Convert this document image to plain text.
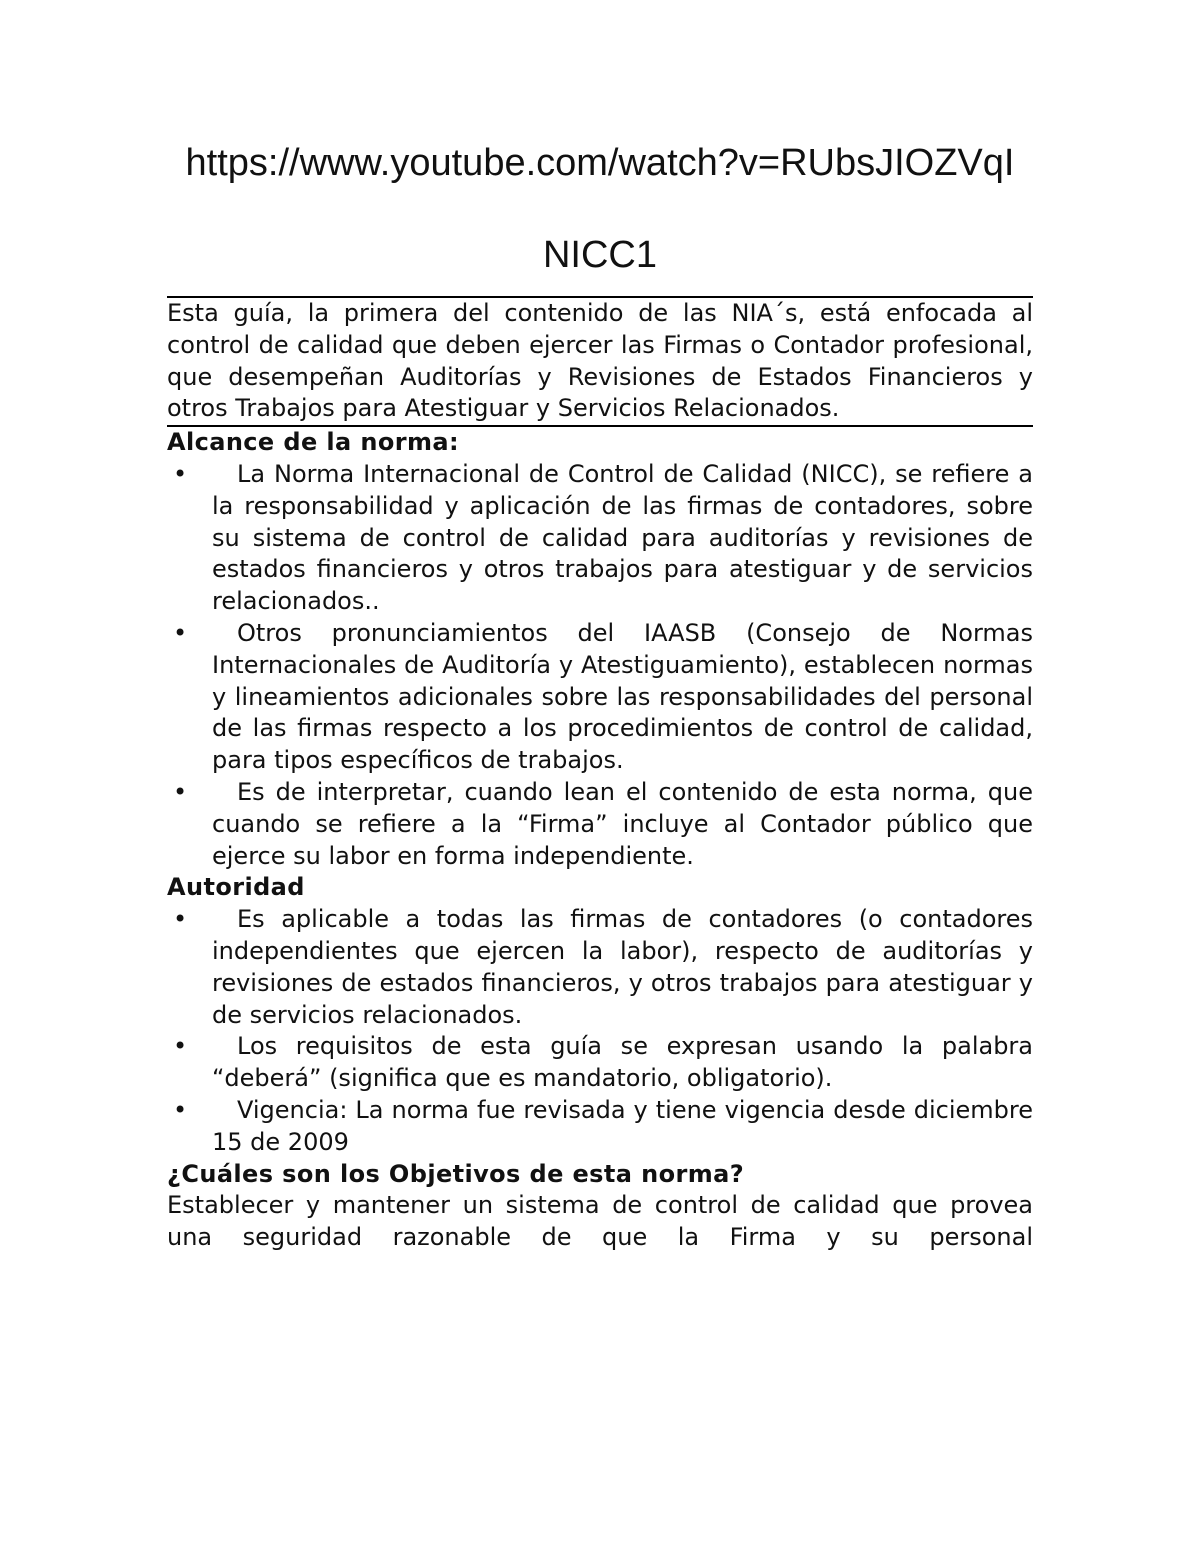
https://www.youtube.com/watch?v=RUbsJIOZVqI
NICC1

Esta guía, la primera del contenido de las NIA´s, está enfocada al control de calidad que deben ejercer las Firmas o Contador profesional, que desempeñan Auditorías y Revisiones de Estados Financieros y otros Trabajos para Atestiguar y Servicios Relacionados.

Alcance de la norma:

• La Norma Internacional de Control de Calidad (NICC), se refiere a la responsabilidad y aplicación de las firmas de contadores, sobre su sistema de control de calidad para auditorías y revisiones de estados financieros y otros trabajos para atestiguar y de servicios relacionados..
• Otros pronunciamientos del IAASB (Consejo de Normas Internacionales de Auditoría y Atestiguamiento), establecen normas y lineamientos adicionales sobre las responsabilidades del personal de las firmas respecto a los procedimientos de control de calidad, para tipos específicos de trabajos.
• Es de interpretar, cuando lean el contenido de esta norma, que cuando se refiere a la “Firma” incluye al Contador público que ejerce su labor en forma independiente.

Autoridad

• Es aplicable a todas las firmas de contadores (o contadores independientes que ejercen la labor), respecto de auditorías y revisiones de estados financieros, y otros trabajos para atestiguar y de servicios relacionados.
• Los requisitos de esta guía se expresan usando la palabra “deberá” (significa que es mandatorio, obligatorio).
• Vigencia: La norma fue revisada y tiene vigencia desde diciembre 15 de 2009

¿Cuáles son los Objetivos de esta norma?

Establecer y mantener un sistema de control de calidad que provea una seguridad razonable de que la Firma y su personal
